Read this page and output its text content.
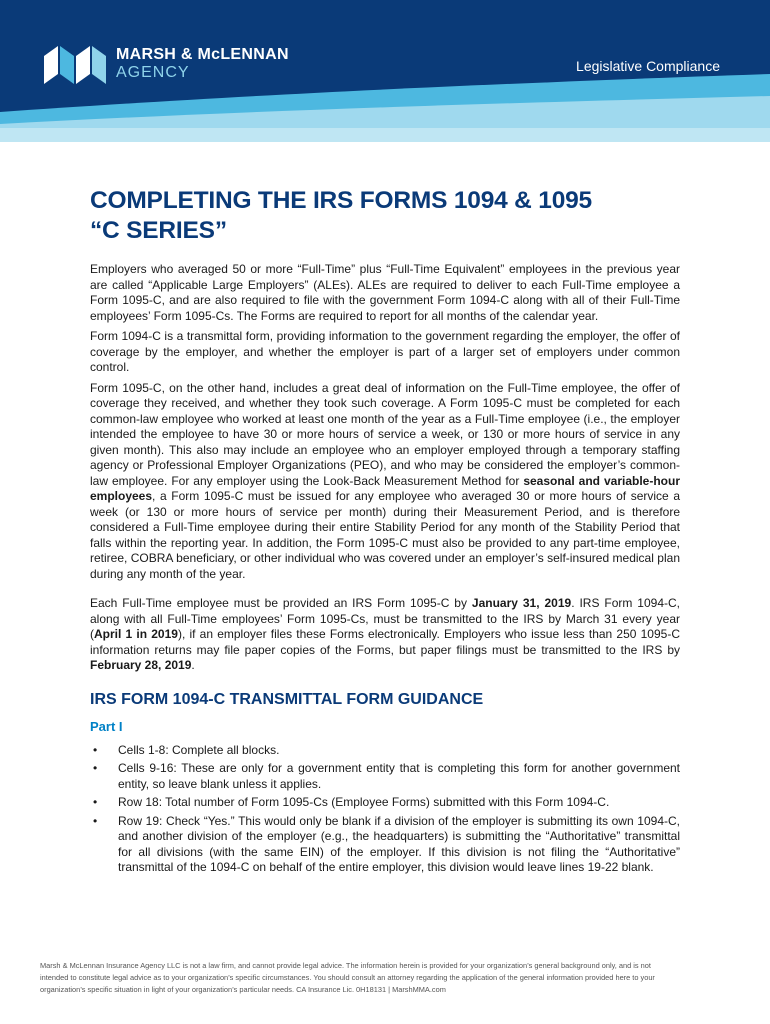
MARSH & McLENNAN
AGENCY	Legislative Compliance
COMPLETING THE IRS FORMS 1094 & 1095
“C SERIES”

Employers who averaged 50 or more “Full-Time” plus “Full-Time Equivalent” employees in the previous year are called “Applicable Large Employers” (ALEs). ALEs are required to deliver to each Full-Time employee a Form 1095-C, and are also required to file with the government Form 1094-C along with all of their Full-Time employees’ Form 1095-Cs. The Forms are required to report for all months of the calendar year.

Form 1094-C is a transmittal form, providing information to the government regarding the employer, the offer of coverage by the employer, and whether the employer is part of a larger set of employers under common control.

Form 1095-C, on the other hand, includes a great deal of information on the Full-Time employee, the offer of coverage they received, and whether they took such coverage. A Form 1095-C must be completed for each common-law employee who worked at least one month of the year as a Full-Time employee (i.e., the employer intended the employee to have 30 or more hours of service a week, or 130 or more hours of service in any given month). This also may include an employee who an employer employed through a temporary staffing agency or Professional Employer Organizations (PEO), and who may be considered the employer’s common-law employee. For any employer using the Look-Back Measurement Method for seasonal and variable-hour employees, a Form 1095-C must be issued for any employee who averaged 30 or more hours of service a week (or 130 or more hours of service per month) during their Measurement Period, and is therefore considered a Full-Time employee during their entire Stability Period for any month of the Stability Period that falls within the reporting year. In addition, the Form 1095-C must also be provided to any part-time employee, retiree, COBRA beneficiary, or other individual who was covered under an employer’s self-insured medical plan during any month of the year.

Each Full-Time employee must be provided an IRS Form 1095-C by January 31, 2019. IRS Form 1094-C, along with all Full-Time employees’ Form 1095-Cs, must be transmitted to the IRS by March 31 every year (April 1 in 2019), if an employer files these Forms electronically. Employers who issue less than 250 1095-C information returns may file paper copies of the Forms, but paper filings must be transmitted to the IRS by February 28, 2019.

IRS FORM 1094-C TRANSMITTAL FORM GUIDANCE
Part I
• Cells 1-8: Complete all blocks.
• Cells 9-16: These are only for a government entity that is completing this form for another government entity, so leave blank unless it applies.
• Row 18: Total number of Form 1095-Cs (Employee Forms) submitted with this Form 1094-C.
• Row 19: Check “Yes.” This would only be blank if a division of the employer is submitting its own 1094-C, and another division of the employer (e.g., the headquarters) is submitting the “Authoritative” transmittal for all divisions (with the same EIN) of the employer. If this division is not filing the “Authoritative” transmittal of the 1094-C on behalf of the entire employer, this division would leave lines 19-22 blank.
Marsh & McLennan Insurance Agency LLC is not a law firm, and cannot provide legal advice. The information herein is provided for your organization’s general background only, and is not
intended to constitute legal advice as to your organization’s specific circumstances. You should consult an attorney regarding the application of the general information provided here to your
organization’s specific situation in light of your organization’s particular needs. CA Insurance Lic. 0H18131 | MarshMMA.com
